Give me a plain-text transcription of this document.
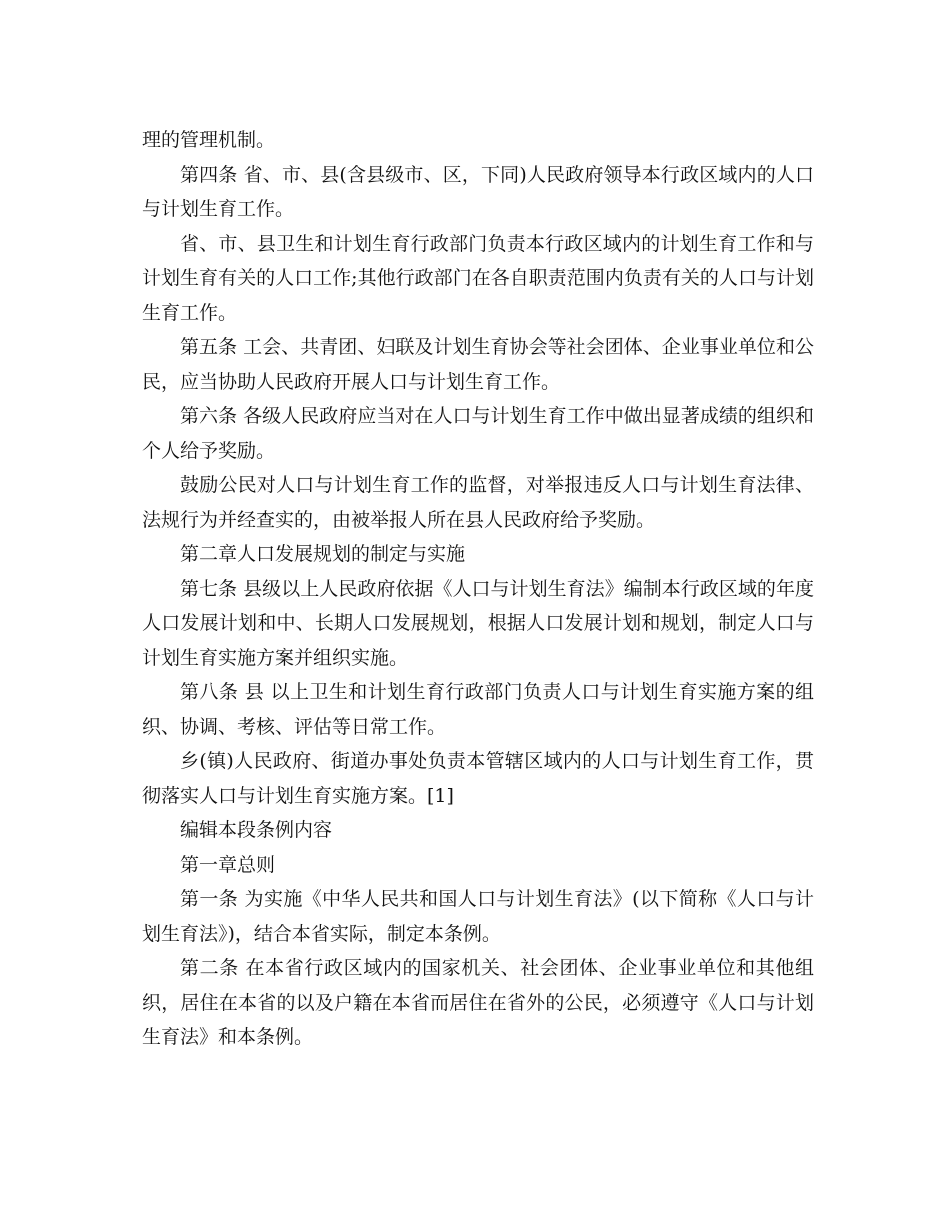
理的管理机制。

第四条 省、市、县(含县级市、区，下同)人民政府领导本行政区域内的人口与计划生育工作。

省、市、县卫生和计划生育行政部门负责本行政区域内的计划生育工作和与计划生育有关的人口工作;其他行政部门在各自职责范围内负责有关的人口与计划生育工作。

第五条 工会、共青团、妇联及计划生育协会等社会团体、企业事业单位和公民，应当协助人民政府开展人口与计划生育工作。

第六条 各级人民政府应当对在人口与计划生育工作中做出显著成绩的组织和个人给予奖励。

鼓励公民对人口与计划生育工作的监督，对举报违反人口与计划生育法律、法规行为并经查实的，由被举报人所在县人民政府给予奖励。

第二章人口发展规划的制定与实施

第七条 县级以上人民政府依据《人口与计划生育法》编制本行政区域的年度人口发展计划和中、长期人口发展规划，根据人口发展计划和规划，制定人口与计划生育实施方案并组织实施。

第八条 县 以上卫生和计划生育行政部门负责人口与计划生育实施方案的组织、协调、考核、评估等日常工作。

乡(镇)人民政府、街道办事处负责本管辖区域内的人口与计划生育工作，贯彻落实人口与计划生育实施方案。[1]

编辑本段条例内容

第一章总则

第一条 为实施《中华人民共和国人口与计划生育法》(以下简称《人口与计划生育法》)，结合本省实际，制定本条例。

第二条 在本省行政区域内的国家机关、社会团体、企业事业单位和其他组织，居住在本省的以及户籍在本省而居住在省外的公民，必须遵守《人口与计划生育法》和本条例。
